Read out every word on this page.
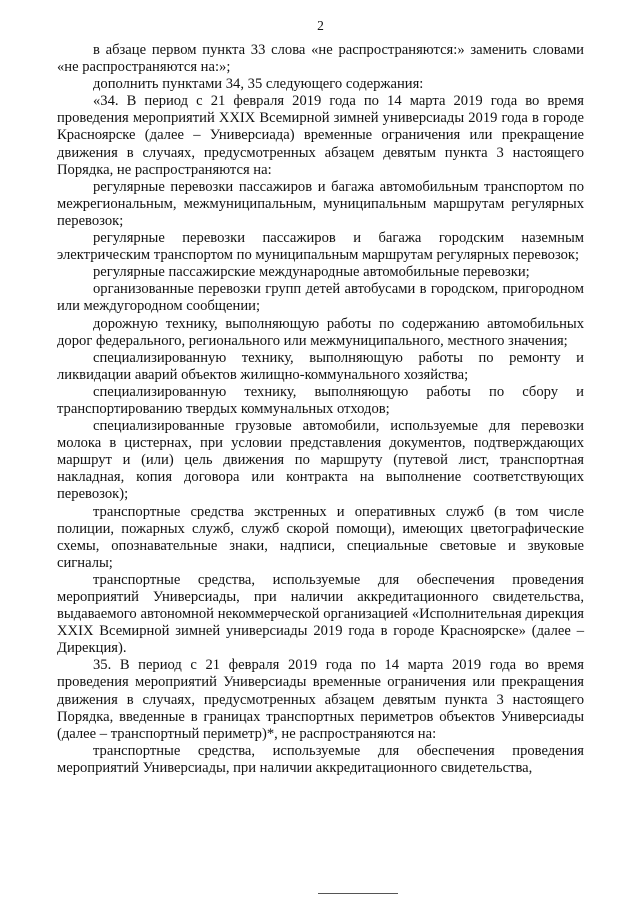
2

в абзаце первом пункта 33 слова «не распространяются:» заменить словами «не распространяются на:»;

дополнить пунктами 34, 35 следующего содержания:

«34. В период с 21 февраля 2019 года по 14 марта 2019 года во время проведения мероприятий XXIX Всемирной зимней универсиады 2019 года в городе Красноярске (далее – Универсиада) временные ограничения или прекращение движения в случаях, предусмотренных абзацем девятым пункта 3 настоящего Порядка, не распространяются на:

регулярные перевозки пассажиров и багажа автомобильным транспортом по межрегиональным, межмуниципальным, муниципальным маршрутам регулярных перевозок;

регулярные перевозки пассажиров и багажа городским наземным электрическим транспортом по муниципальным маршрутам регулярных перевозок;

регулярные пассажирские международные автомобильные перевозки;

организованные перевозки групп детей автобусами в городском, пригородном или междугородном сообщении;

дорожную технику, выполняющую работы по содержанию автомобильных дорог федерального, регионального или межмуниципального, местного значения;

специализированную технику, выполняющую работы по ремонту и ликвидации аварий объектов жилищно-коммунального хозяйства;

специализированную технику, выполняющую работы по сбору и транспортированию твердых коммунальных отходов;

специализированные грузовые автомобили, используемые для перевозки молока в цистернах, при условии представления документов, подтверждающих маршрут и (или) цель движения по маршруту (путевой лист, транспортная накладная, копия договора или контракта на выполнение соответствующих перевозок);

транспортные средства экстренных и оперативных служб (в том числе полиции, пожарных служб, служб скорой помощи), имеющих цветографические схемы, опознавательные знаки, надписи, специальные световые и звуковые сигналы;

транспортные средства, используемые для обеспечения проведения мероприятий Универсиады, при наличии аккредитационного свидетельства, выдаваемого автономной некоммерческой организацией «Исполнительная дирекция XXIX Всемирной зимней универсиады 2019 года в городе Красноярске» (далее – Дирекция).

35. В период с 21 февраля 2019 года по 14 марта 2019 года во время проведения мероприятий Универсиады временные ограничения или прекращения движения в случаях, предусмотренных абзацем девятым пункта 3 настоящего Порядка, введенные в границах транспортных периметров объектов Универсиады (далее – транспортный периметр)*, не распространяются на:

транспортные средства, используемые для обеспечения проведения мероприятий Универсиады, при наличии аккредитационного свидетельства,
